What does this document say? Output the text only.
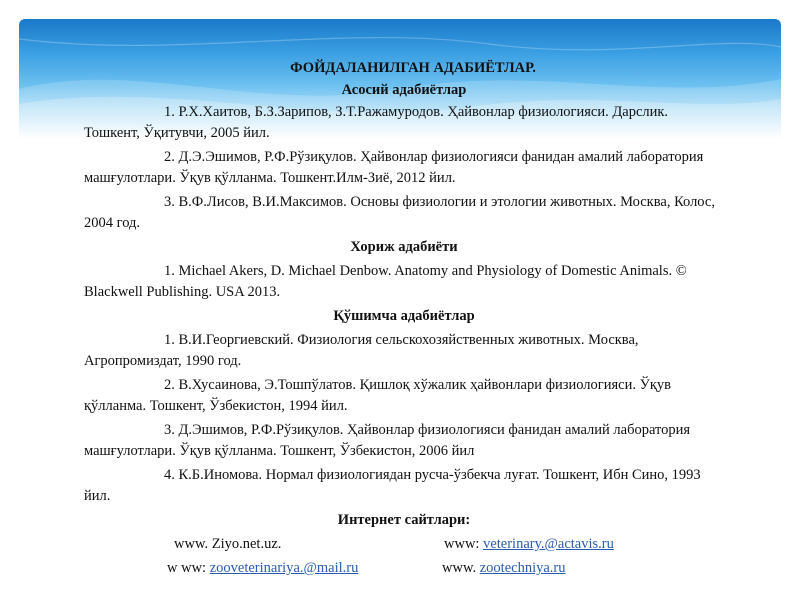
ФОЙДАЛАНИЛГАН АДАБИЁТЛАР.

Асосий адабиётлар

1. Р.Х.Хаитов, Б.З.Зарипов, З.Т.Ражамуродов. Ҳайвонлар физиологияси. Дарслик. Тошкент, Ўқитувчи, 2005 йил.

2. Д.Э.Эшимов, Р.Ф.Рўзиқулов. Ҳайвонлар физиологияси фанидан амалий лаборатория машғулотлари. Ўқув қўлланма. Тошкент.Илм-Зиё, 2012 йил.

3. В.Ф.Лисов, В.И.Максимов. Основы физиологии и этологии животных. Москва, Колос, 2004 год.

Хориж адабиёти

1. Michael Akers, D. Michael Denbow. Anatomy and Physiology of Domestic Animals. © Blackwell Publishing. USA 2013.

Қўшимча адабиётлар

1. В.И.Георгиевский. Физиология сельскохозяйственных животных. Москва, Агропромиздат, 1990 год.

2. В.Хусаинова, Э.Тошпўлатов. Қишлоқ хўжалик ҳайвонлари физиологияси. Ўқув қўлланма. Тошкент, Ўзбекистон, 1994 йил.

3. Д.Эшимов, Р.Ф.Рўзиқулов. Ҳайвонлар физиологияси фанидан амалий лаборатория машғулотлари. Ўқув қўлланма. Тошкент, Ўзбекистон, 2006 йил

4. К.Б.Иномова. Нормал физиологиядан русча-ўзбекча луғат. Тошкент, Ибн Сино, 1993 йил.

Интернет сайтлари:

www. Ziyo.net.uz.	www: veterinary.@actavis.ru
w ww: zooveterinariya.@mail.ru	www. zootechniya.ru
